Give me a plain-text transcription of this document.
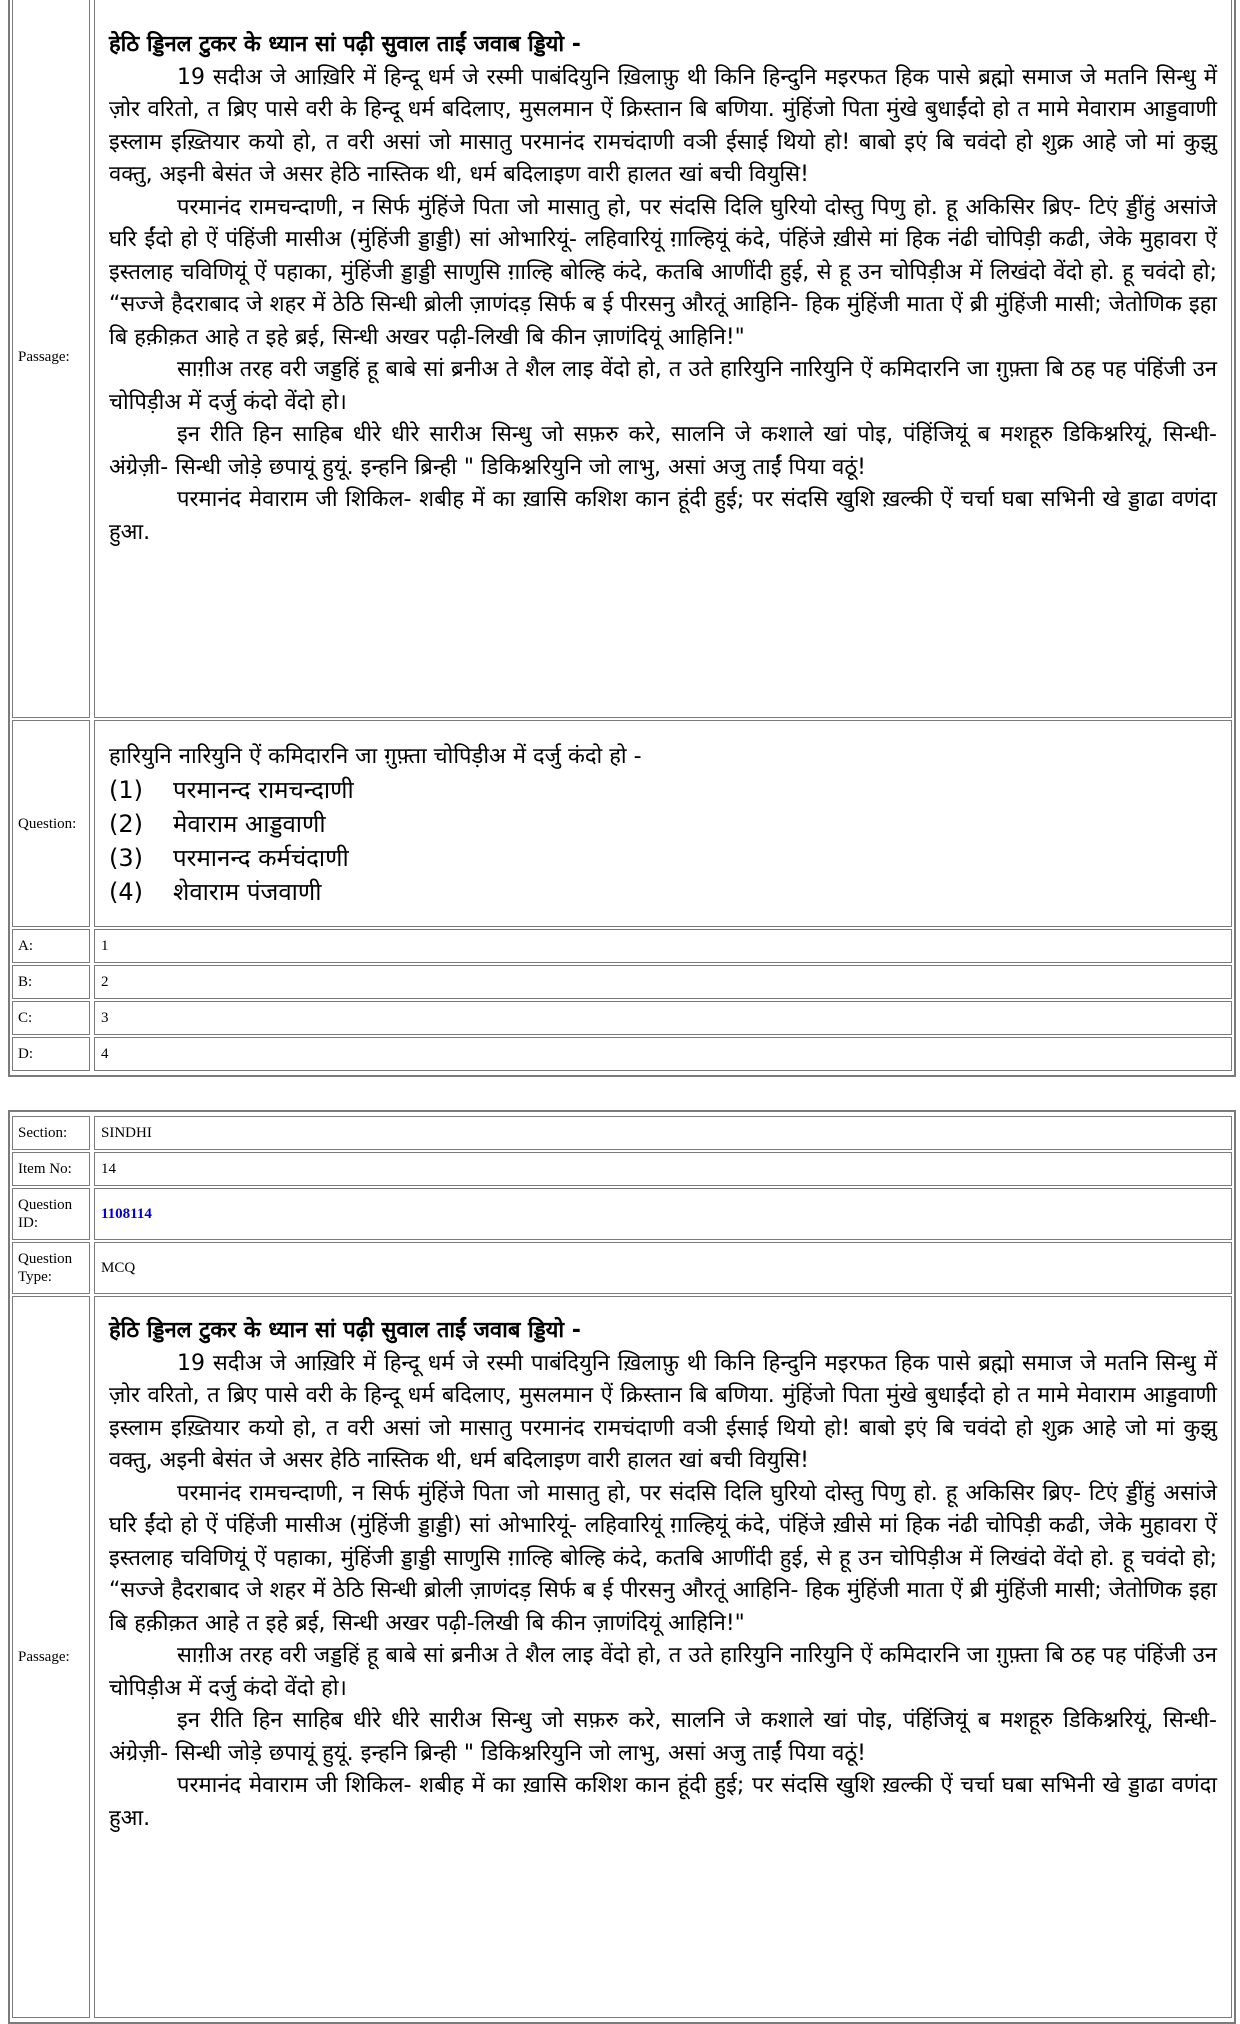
Passage:
हेठि ड्डिनल टुकर के ध्यान सां पढ़ी सुवाल ताईं जवाब ड्डियो -

19 सदीअ जे आख़िरि में हिन्दू धर्म जे रस्मी पाबंदियुनि ख़िलाफ़ु थी किनि हिन्दुनि मइरफत हिक पासे ब्रह्मो समाज जे मतनि सिन्धु में ज़ोर वरितो, त ब्रिए पासे वरी के हिन्दू धर्म बदिलाए, मुसलमान ऐं क्रिस्तान बि बणिया. मुंहिंजो पिता मुंखे बुधाईंदो हो त मामे मेवाराम आड्डवाणी इस्लाम इख़्तियार कयो हो, त वरी असां जो मासातु परमानंद रामचंदाणी वञी ईसाई थियो हो! बाबो इएं बि चवंदो हो शुक्र आहे जो मां कुझु वक्तु, अइनी बेसंत जे असर हेठि नास्तिक थी, धर्म बदिलाइण वारी हालत खां बची वियुसि!

परमानंद रामचन्दाणी, न सिर्फ मुंहिंजे पिता जो मासातु हो, पर संदसि दिलि घुरियो दोस्तु पिणु हो. हू अकिसिर ब्रिए- टिएं ड्डींहुं असांजे घरि ईंदो हो ऐं पंहिंजी मासीअ (मुंहिंजी ड्डाड्डी) सां ओभारियूं- लहिवारियूं ग़ाल्हियूं कंदे, पंहिंजे ख़ीसे मां हिक नंढी चोपिड़ी कढी, जेके मुहावरा ऐं इस्तलाह चविणियूं ऐं पहाका, मुंहिंजी ड्डाड्डी साणुसि ग़ाल्हि बोल्हि कंदे, कतबि आणींदी हुई, से हू उन चोपिड़ीअ में लिखंदो वेंदो हो. हू चवंदो हो; “सज्जे हैदराबाद जे शहर में ठेठि सिन्धी ब्रोली ज़ाणंदड़ सिर्फ ब ई पीरसनु औरतूं आहिनि- हिक मुंहिंजी माता ऐं ब्री मुंहिंजी मासी; जेतोणिक इहा बि हक़ीक़त आहे त इहे ब्रई, सिन्धी अखर पढ़ी-लिखी बि कीन ज़ाणंदियूं आहिनि!"

साग़ीअ तरह वरी जड्डहिं हू बाबे सां ब्रनीअ ते शैल लाइ वेंदो हो, त उते हारियुनि नारियुनि ऐं कमिदारनि जा ग़ुफ़्ता बि ठह पह पंहिंजी उन चोपिड़ीअ में दर्जु कंदो वेंदो हो।

इन रीति हिन साहिब धीरे धीरे सारीअ सिन्धु जो सफ़रु करे, सालनि जे कशाले खां पोइ, पंहिंजियूं ब मशहूरु डिकिश्नरियूं, सिन्धी- अंग्रेज़ी- सिन्धी जोड़े छपायूं हुयूं. इन्हनि ब्रिन्ही " डिकिश्नरियुनि जो लाभु, असां अजु ताईं पिया वठूं!

परमानंद मेवाराम जी शिकिल- शबीह में का ख़ासि कशिश कान हूंदी हुई; पर संदसि खुशि ख़ल्की ऐं चर्चा घबा सभिनी खे ड्डाढा वणंदा हुआ.

Question:
हारियुनि नारियुनि ऐं कमिदारनि जा ग़ुफ़्ता चोपिड़ीअ में दर्जु कंदो हो -
(1)	परमानन्द रामचन्दाणी
(2)	मेवाराम आड्डवाणी
(3)	परमानन्द कर्मचंदाणी
(4)	शेवाराम पंजवाणी
A:	1
B:	2
C:	3
D:	4
Section:	SINDHI
Item No:	14
Question ID:
1108114
Question Type:
MCQ
Passage:
हेठि ड्डिनल टुकर के ध्यान सां पढ़ी सुवाल ताईं जवाब ड्डियो -

19 सदीअ जे आख़िरि में हिन्दू धर्म जे रस्मी पाबंदियुनि ख़िलाफ़ु थी किनि हिन्दुनि मइरफत हिक पासे ब्रह्मो समाज जे मतनि सिन्धु में ज़ोर वरितो, त ब्रिए पासे वरी के हिन्दू धर्म बदिलाए, मुसलमान ऐं क्रिस्तान बि बणिया. मुंहिंजो पिता मुंखे बुधाईंदो हो त मामे मेवाराम आड्डवाणी इस्लाम इख़्तियार कयो हो, त वरी असां जो मासातु परमानंद रामचंदाणी वञी ईसाई थियो हो! बाबो इएं बि चवंदो हो शुक्र आहे जो मां कुझु वक्तु, अइनी बेसंत जे असर हेठि नास्तिक थी, धर्म बदिलाइण वारी हालत खां बची वियुसि!

परमानंद रामचन्दाणी, न सिर्फ मुंहिंजे पिता जो मासातु हो, पर संदसि दिलि घुरियो दोस्तु पिणु हो. हू अकिसिर ब्रिए- टिएं ड्डींहुं असांजे घरि ईंदो हो ऐं पंहिंजी मासीअ (मुंहिंजी ड्डाड्डी) सां ओभारियूं- लहिवारियूं ग़ाल्हियूं कंदे, पंहिंजे ख़ीसे मां हिक नंढी चोपिड़ी कढी, जेके मुहावरा ऐं इस्तलाह चविणियूं ऐं पहाका, मुंहिंजी ड्डाड्डी साणुसि ग़ाल्हि बोल्हि कंदे, कतबि आणींदी हुई, से हू उन चोपिड़ीअ में लिखंदो वेंदो हो. हू चवंदो हो; “सज्जे हैदराबाद जे शहर में ठेठि सिन्धी ब्रोली ज़ाणंदड़ सिर्फ ब ई पीरसनु औरतूं आहिनि- हिक मुंहिंजी माता ऐं ब्री मुंहिंजी मासी; जेतोणिक इहा बि हक़ीक़त आहे त इहे ब्रई, सिन्धी अखर पढ़ी-लिखी बि कीन ज़ाणंदियूं आहिनि!"

साग़ीअ तरह वरी जड्डहिं हू बाबे सां ब्रनीअ ते शैल लाइ वेंदो हो, त उते हारियुनि नारियुनि ऐं कमिदारनि जा ग़ुफ़्ता बि ठह पह पंहिंजी उन चोपिड़ीअ में दर्जु कंदो वेंदो हो।

इन रीति हिन साहिब धीरे धीरे सारीअ सिन्धु जो सफ़रु करे, सालनि जे कशाले खां पोइ, पंहिंजियूं ब मशहूरु डिकिश्नरियूं, सिन्धी- अंग्रेज़ी- सिन्धी जोड़े छपायूं हुयूं. इन्हनि ब्रिन्ही " डिकिश्नरियुनि जो लाभु, असां अजु ताईं पिया वठूं!

परमानंद मेवाराम जी शिकिल- शबीह में का ख़ासि कशिश कान हूंदी हुई; पर संदसि खुशि ख़ल्की ऐं चर्चा घबा सभिनी खे ड्डाढा वणंदा हुआ.
